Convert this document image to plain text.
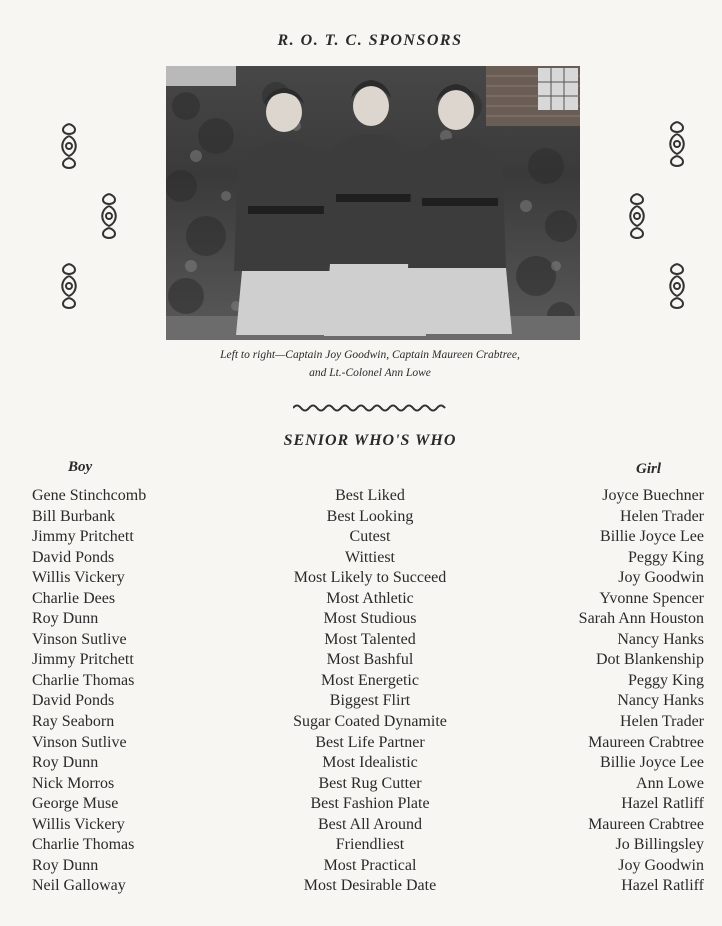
R. O. T. C. SPONSORS
Left to right—Captain Joy Goodwin, Captain Maureen Crabtree,
and Lt.-Colonel Ann Lowe
SENIOR WHO'S WHO
Boy	Girl
Gene Stinchcomb	Best Liked	Joyce Buechner
Bill Burbank	Best Looking	Helen Trader
Jimmy Pritchett	Cutest	Billie Joyce Lee
David Ponds	Wittiest	Peggy King
Willis Vickery	Most Likely to Succeed	Joy Goodwin
Charlie Dees	Most Athletic	Yvonne Spencer
Roy Dunn	Most Studious	Sarah Ann Houston
Vinson Sutlive	Most Talented	Nancy Hanks
Jimmy Pritchett	Most Bashful	Dot Blankenship
Charlie Thomas	Most Energetic	Peggy King
David Ponds	Biggest Flirt	Nancy Hanks
Ray Seaborn	Sugar Coated Dynamite	Helen Trader
Vinson Sutlive	Best Life Partner	Maureen Crabtree
Roy Dunn	Most Idealistic	Billie Joyce Lee
Nick Morros	Best Rug Cutter	Ann Lowe
George Muse	Best Fashion Plate	Hazel Ratliff
Willis Vickery	Best All Around	Maureen Crabtree
Charlie Thomas	Friendliest	Jo Billingsley
Roy Dunn	Most Practical	Joy Goodwin
Neil Galloway	Most Desirable Date	Hazel Ratliff
